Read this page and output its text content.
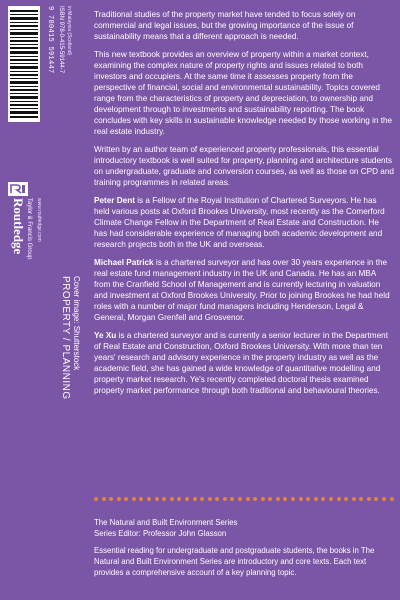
9 780415 591447 ISBN 978-0-415-59144-7 in Malaysia (Scotland)
Routledge Taylor & Francis Group www.routledge.com
PROPERTY / PLANNING Cover image: Shutterstock

Traditional studies of the property market have tended to focus solely on commercial and legal issues, but the growing importance of the issue of sustainability means that a different approach is needed.

This new textbook provides an overview of property within a market context, examining the complex nature of property rights and issues related to both investors and occupiers. At the same time it assesses property from the perspective of financial, social and environmental sustainability. Topics covered range from the characteristics of property and depreciation, to ownership and development through to investments and sustainability reporting. The book concludes with key skills in sustainable knowledge needed by those working in the real estate industry.

Written by an author team of experienced property professionals, this essential introductory textbook is well suited for property, planning and architecture students on undergraduate, graduate and conversion courses, as well as those on CPD and training programmes in related areas.

Peter Dent is a Fellow of the Royal Institution of Chartered Surveyors. He has held various posts at Oxford Brookes University, most recently as the Comerford Climate Change Fellow in the Department of Real Estate and Construction. He has had considerable experience of managing both academic development and research projects both in the UK and overseas.

Michael Patrick is a chartered surveyor and has over 30 years experience in the real estate fund management industry in the UK and Canada. He has an MBA from the Cranfield School of Management and is currently lecturing in valuation and investment at Oxford Brookes University. Prior to joining Brookes he had held roles with a number of major fund managers including Henderson, Legal & General, Morgan Grenfell and Grosvenor.

Ye Xu is a chartered surveyor and is currently a senior lecturer in the Department of Real Estate and Construction, Oxford Brookes University. With more than ten years' research and advisory experience in the property industry as well as the academic field, she has gained a wide knowledge of quantitative modelling and property market research. Ye's recently completed doctoral thesis examined property market performance through both traditional and behavioural theories.

The Natural and Built Environment Series

Series Editor: Professor John Glasson

Essential reading for undergraduate and postgraduate students, the books in The Natural and Built Environment Series are introductory and core texts. Each text provides a comprehensive account of a key planning topic.
